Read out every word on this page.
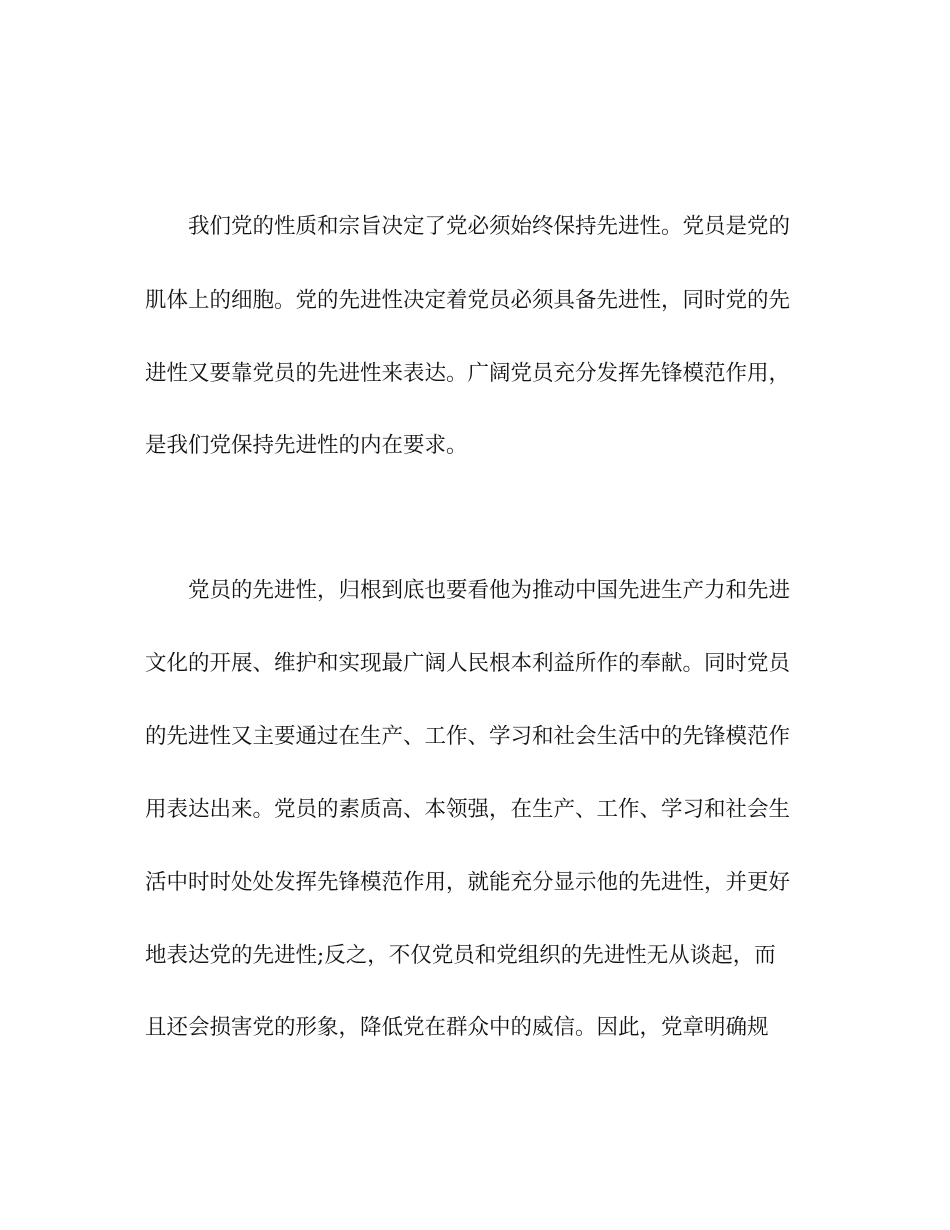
我们党的性质和宗旨决定了党必须始终保持先进性。党员是党的
肌体上的细胞。党的先进性决定着党员必须具备先进性，同时党的先
进性又要靠党员的先进性来表达。广阔党员充分发挥先锋模范作用，
是我们党保持先进性的内在要求。
党员的先进性，归根到底也要看他为推动中国先进生产力和先进
文化的开展、维护和实现最广阔人民根本利益所作的奉献。同时党员
的先进性又主要通过在生产、工作、学习和社会生活中的先锋模范作
用表达出来。党员的素质高、本领强，在生产、工作、学习和社会生
活中时时处处发挥先锋模范作用，就能充分显示他的先进性，并更好
地表达党的先进性;反之，不仅党员和党组织的先进性无从谈起，而
且还会损害党的形象，降低党在群众中的威信。因此，党章明确规
